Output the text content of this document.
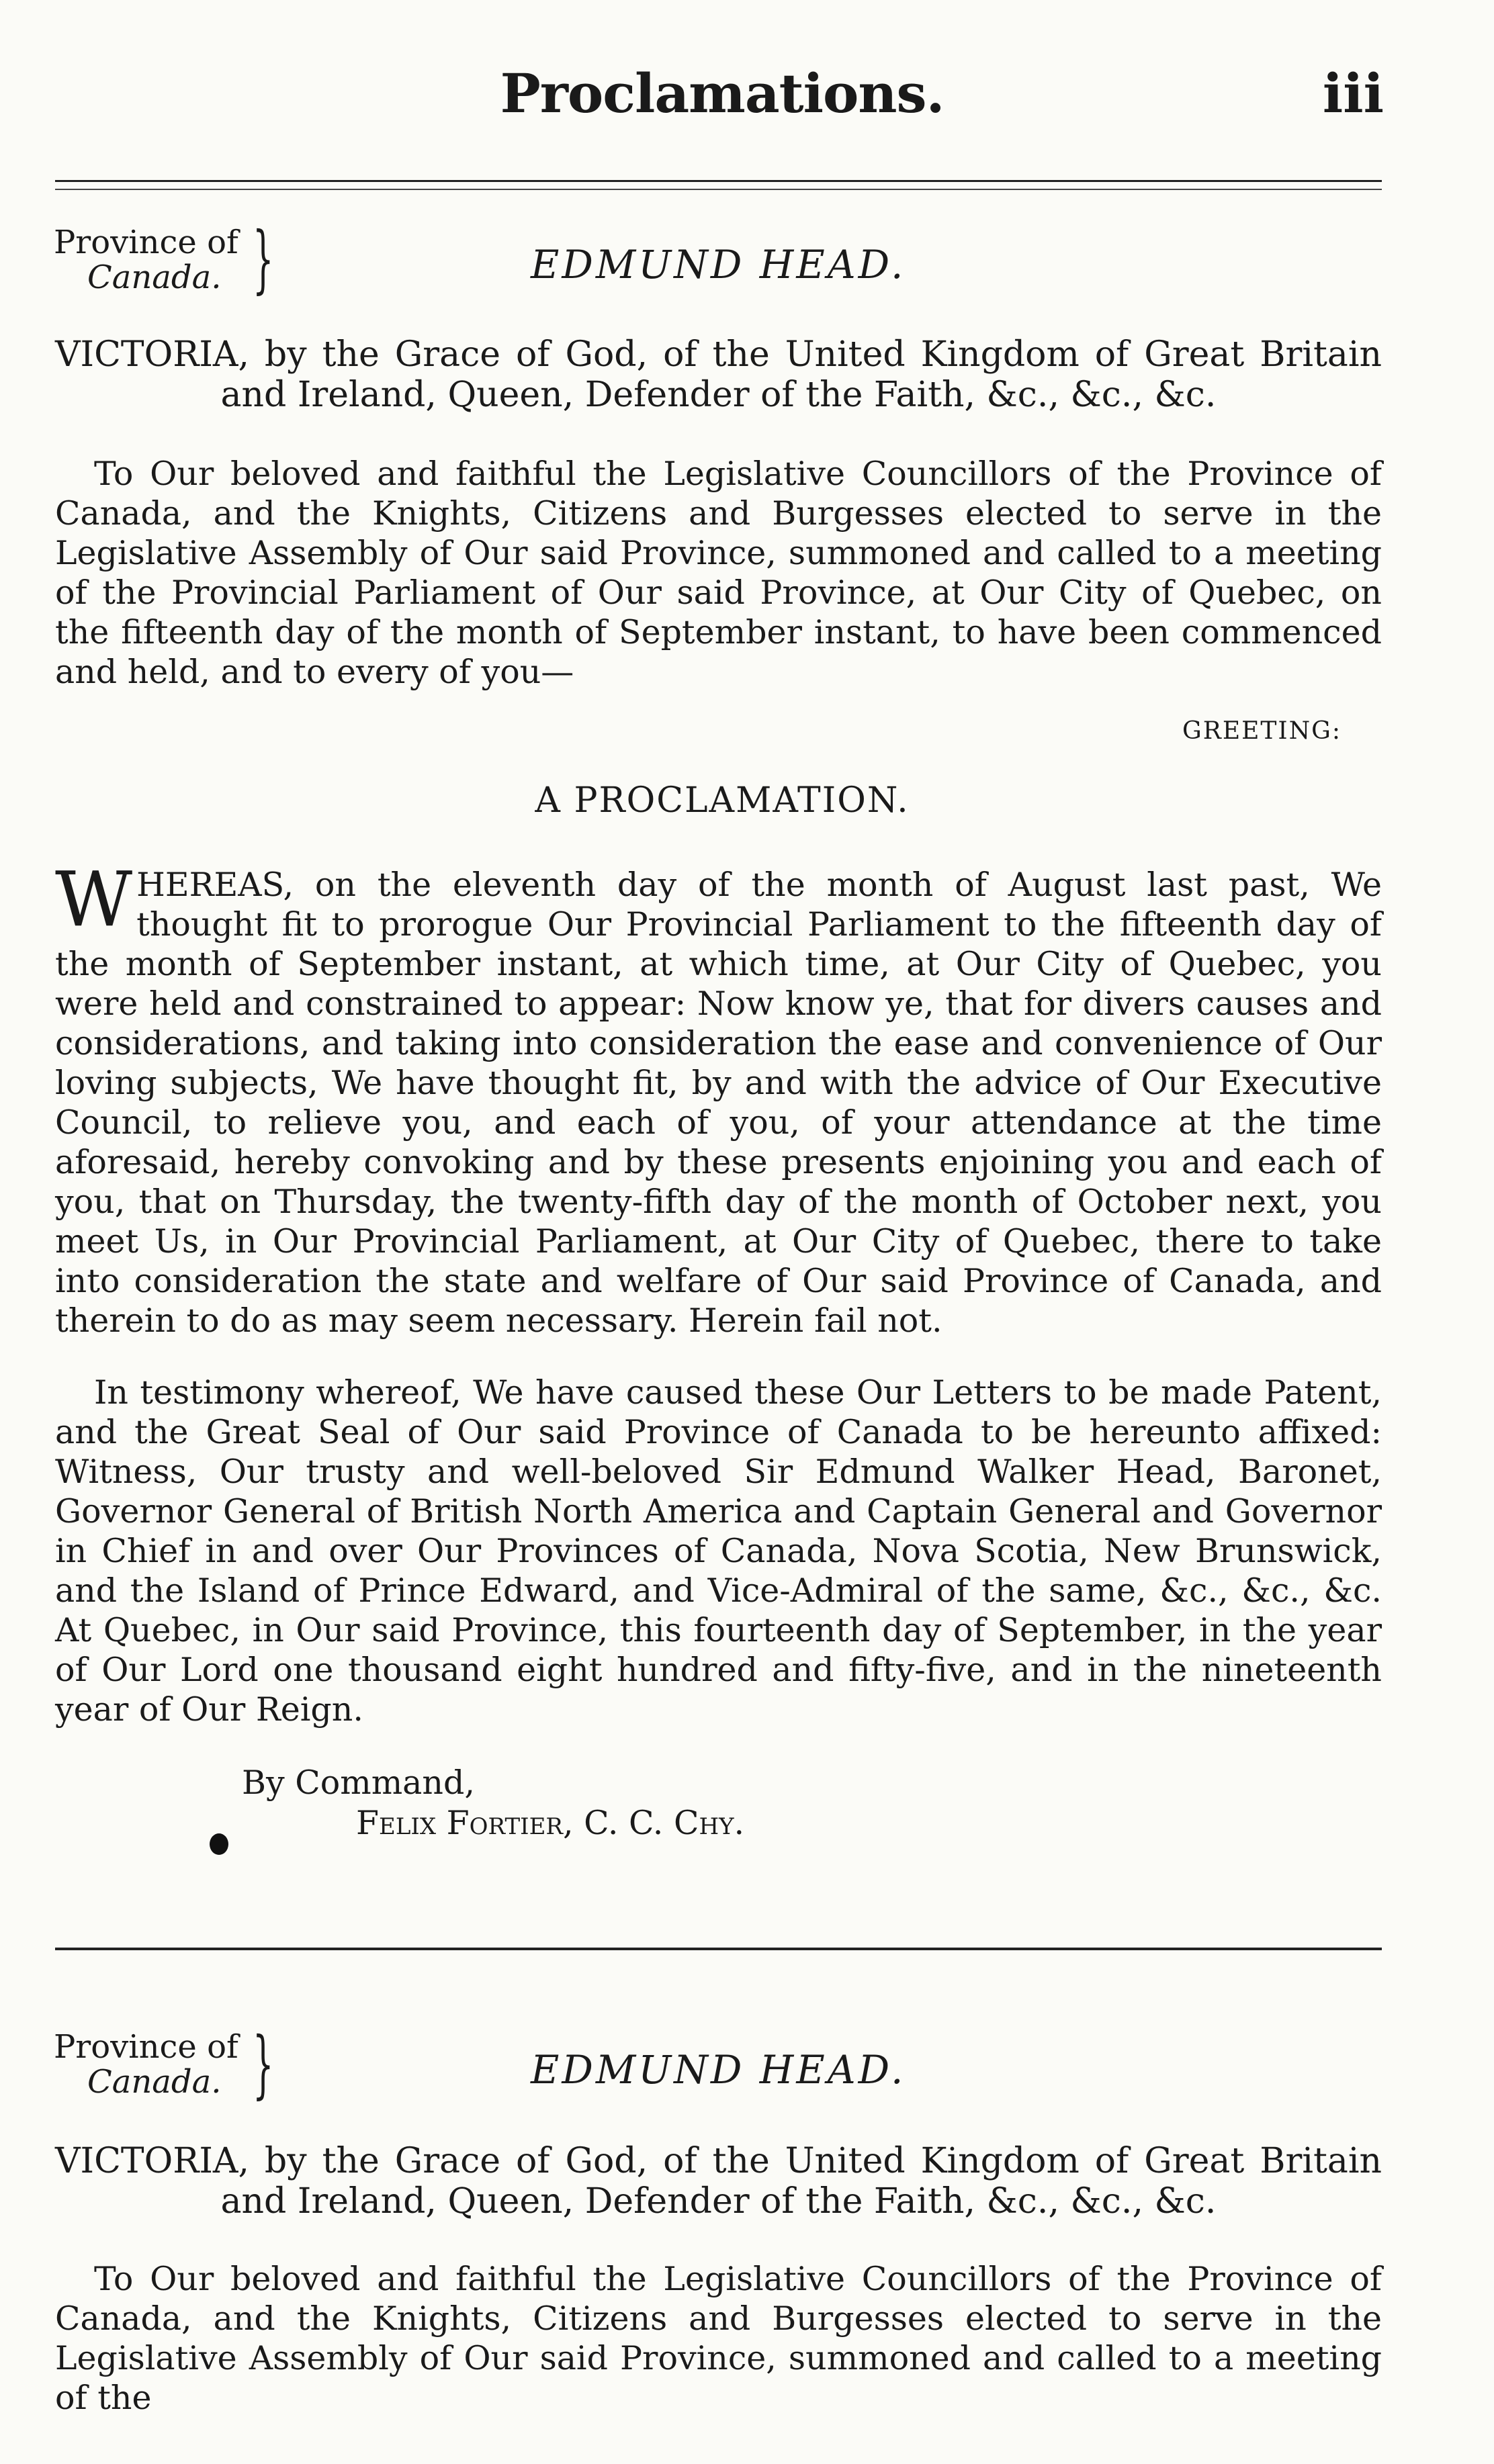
Proclamations.	iii
Province of
Canada. }	EDMUND HEAD.
VICTORIA, by the Grace of God, of the United Kingdom of Great Britain
and Ireland, Queen, Defender of the Faith, &c., &c., &c.
To Our beloved and faithful the Legislative Councillors of the Province of Canada, and the Knights, Citizens and Burgesses elected to serve in the Legislative Assembly of Our said Province, summoned and called to a meeting of the Provincial Parliament of Our said Province, at Our City of Quebec, on the fifteenth day of the month of September instant, to have been commenced and held, and to every of you—
GREETING:
A PROCLAMATION.
WHEREAS, on the eleventh day of the month of August last past, We thought fit to prorogue Our Provincial Parliament to the fifteenth day of the month of September instant, at which time, at Our City of Quebec, you were held and constrained to appear: Now know ye, that for divers causes and considerations, and taking into consideration the ease and convenience of Our loving subjects, We have thought fit, by and with the advice of Our Executive Council, to relieve you, and each of you, of your attendance at the time aforesaid, hereby convoking and by these presents enjoining you and each of you, that on Thursday, the twenty-fifth day of the month of October next, you meet Us, in Our Provincial Parliament, at Our City of Quebec, there to take into consideration the state and welfare of Our said Province of Canada, and therein to do as may seem necessary. Herein fail not.
In testimony whereof, We have caused these Our Letters to be made Patent, and the Great Seal of Our said Province of Canada to be hereunto affixed: Witness, Our trusty and well-beloved Sir Edmund Walker Head, Baronet, Governor General of British North America and Captain General and Governor in Chief in and over Our Provinces of Canada, Nova Scotia, New Brunswick, and the Island of Prince Edward, and Vice-Admiral of the same, &c., &c., &c. At Quebec, in Our said Province, this fourteenth day of September, in the year of Our Lord one thousand eight hundred and fifty-five, and in the nineteenth year of Our Reign.
By Command,
Felix Fortier, C. C. Chy.
Province of
Canada. }	EDMUND HEAD.
VICTORIA, by the Grace of God, of the United Kingdom of Great Britain
and Ireland, Queen, Defender of the Faith, &c., &c., &c.
To Our beloved and faithful the Legislative Councillors of the Province of Canada, and the Knights, Citizens and Burgesses elected to serve in the Legislative Assembly of Our said Province, summoned and called to a meeting of the
